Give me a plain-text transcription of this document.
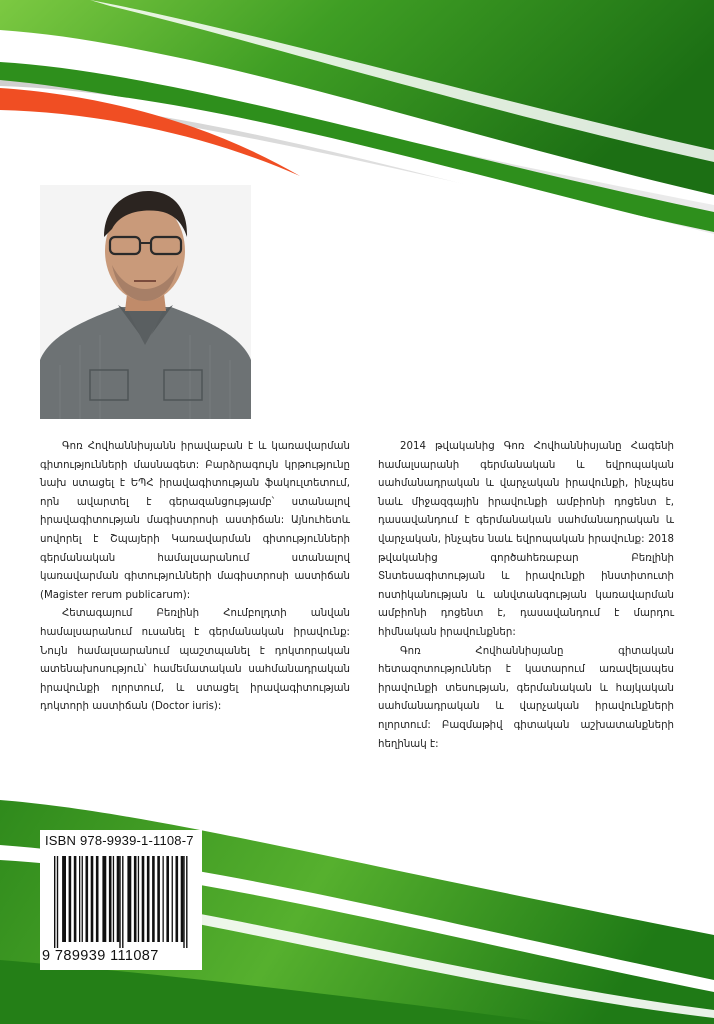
Գոռ Հովհաննիսյանն իրավաբան է և կառավարման գիտությունների մասնագետ: Բարձրագույն կրթությունը նախ ստացել է ԵՊՀ իրավագիտության ֆակուլտետում, որն ավարտել է գերազանցությամբ՝ ստանալով իրավագիտության մագիստրոսի աստիճան: Այնուհետև սովորել է Շպայերի Կառավարման գիտությունների գերմանական համալսարանում ստանալով կառավարման գիտությունների մագիստրոսի աստիճան (Magister rerum publicarum):

Հետագայում Բեռլինի Հումբոլդտի անվան համալսարանում ուսանել է գերմանական իրավունք: Նույն համալսարանում պաշտպանել է դոկտորական ատենախոսություն՝ համեմատական սահմանադրական իրավունքի ոլորտում, և ստացել իրավագիտության դոկտորի աստիճան (Doctor iuris):

2014 թվականից Գոռ Հովհաննիսյանը Հագենի համալսարանի գերմանական և եվրոպական սահմանադրական և վարչական իրավունքի, ինչպես նաև միջազգային իրավունքի ամբիոնի դոցենտ է, դասավանդում է գերմանական սահմանադրական և վարչական, ինչպես նաև եվրոպական իրավունք: 2018 թվականից գործահեռաբար Բեռլինի Տնտեսագիտության և իրավունքի ինստիտուտի ոստիկանության և անվտանգության կառավարման ամբիոնի դոցենտ է, դասավանդում է մարդու հիմնական իրավունքներ:

Գոռ Հովհաննիսյանը գիտական հետազոտություններ է կատարում առավելապես իրավունքի տեսության, գերմանական և հայկական սահմանադրական և վարչական իրավունքների ոլորտում: Բազմաթիվ գիտական աշխատանքների հեղինակ է:

ISBN 978-9939-1-1108-7
9 789939 111087
